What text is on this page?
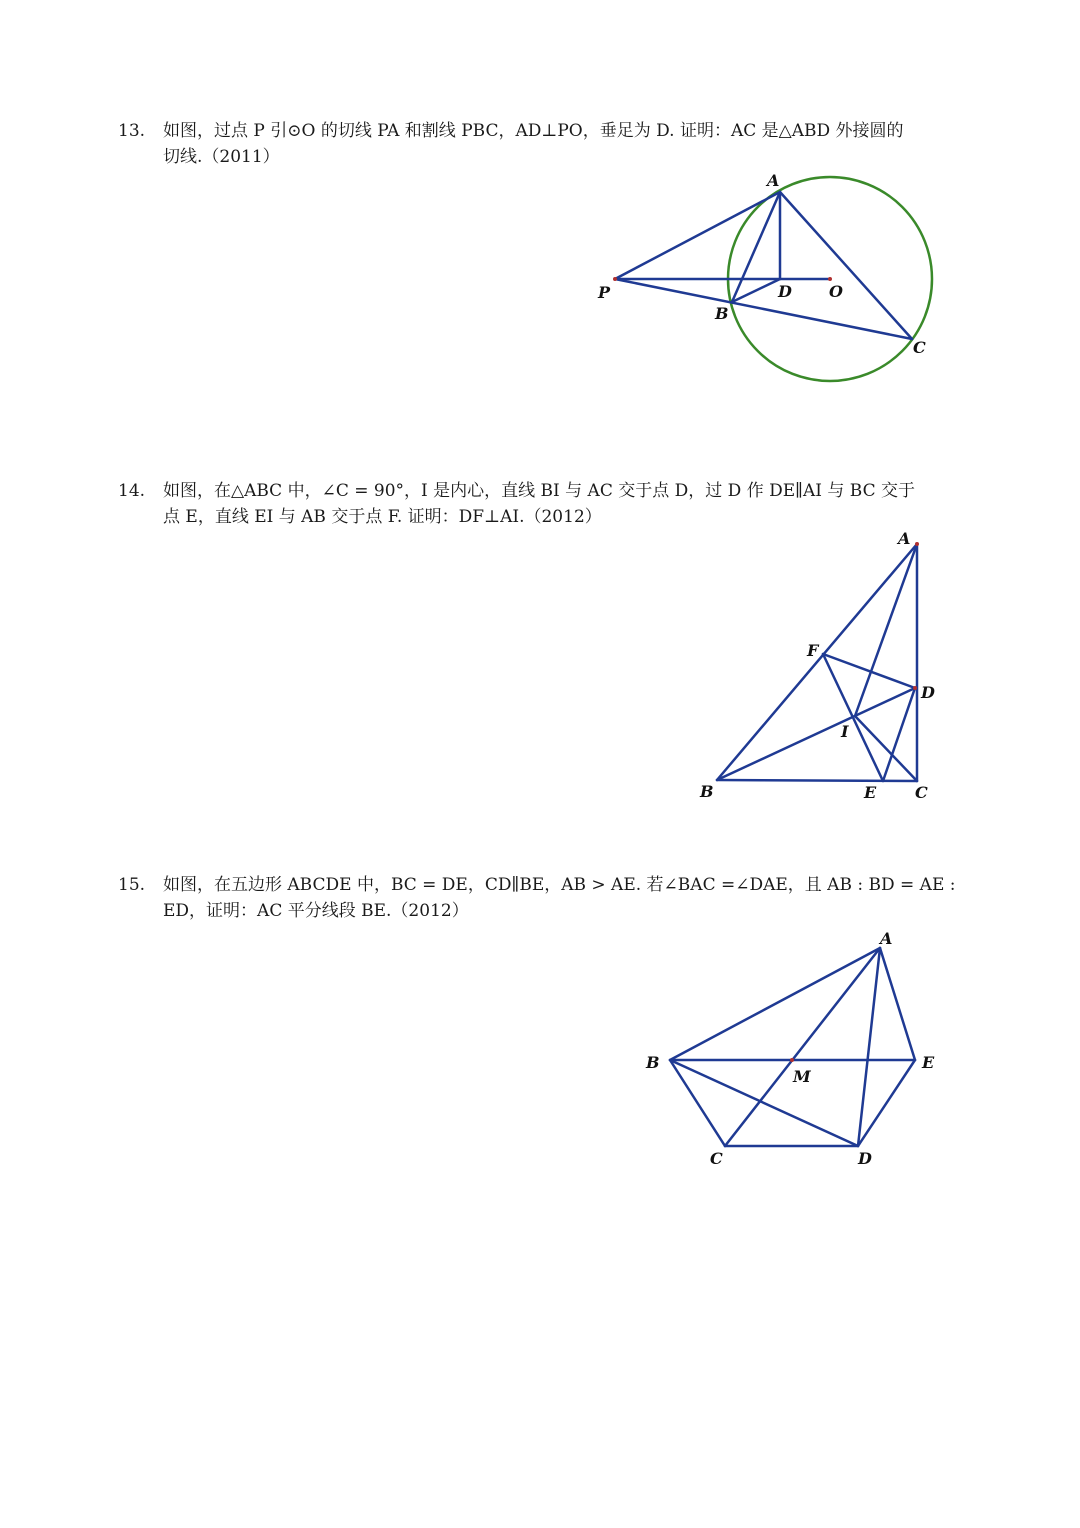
13.	如图，过点 P 引⊙O 的切线 PA 和割线 PBC，AD⊥PO，垂足为 D. 证明：AC 是△ABD 外接圆的
切线.（2011）
A
P	D O
B
C
14.	如图，在△ABC 中，∠C = 90°，I 是内心，直线 BI 与 AC 交于点 D，过 D 作 DE∥AI 与 BC 交于
点 E，直线 EI 与 AB 交于点 F. 证明：DF⊥AI.（2012）
A
F
D
I
B	E C
15.	如图，在五边形 ABCDE 中，BC = DE，CD∥BE，AB > AE. 若∠BAC =∠DAE，且 AB : BD = AE :
ED，证明：AC 平分线段 BE.（2012）
A
B
M
E
C	D
